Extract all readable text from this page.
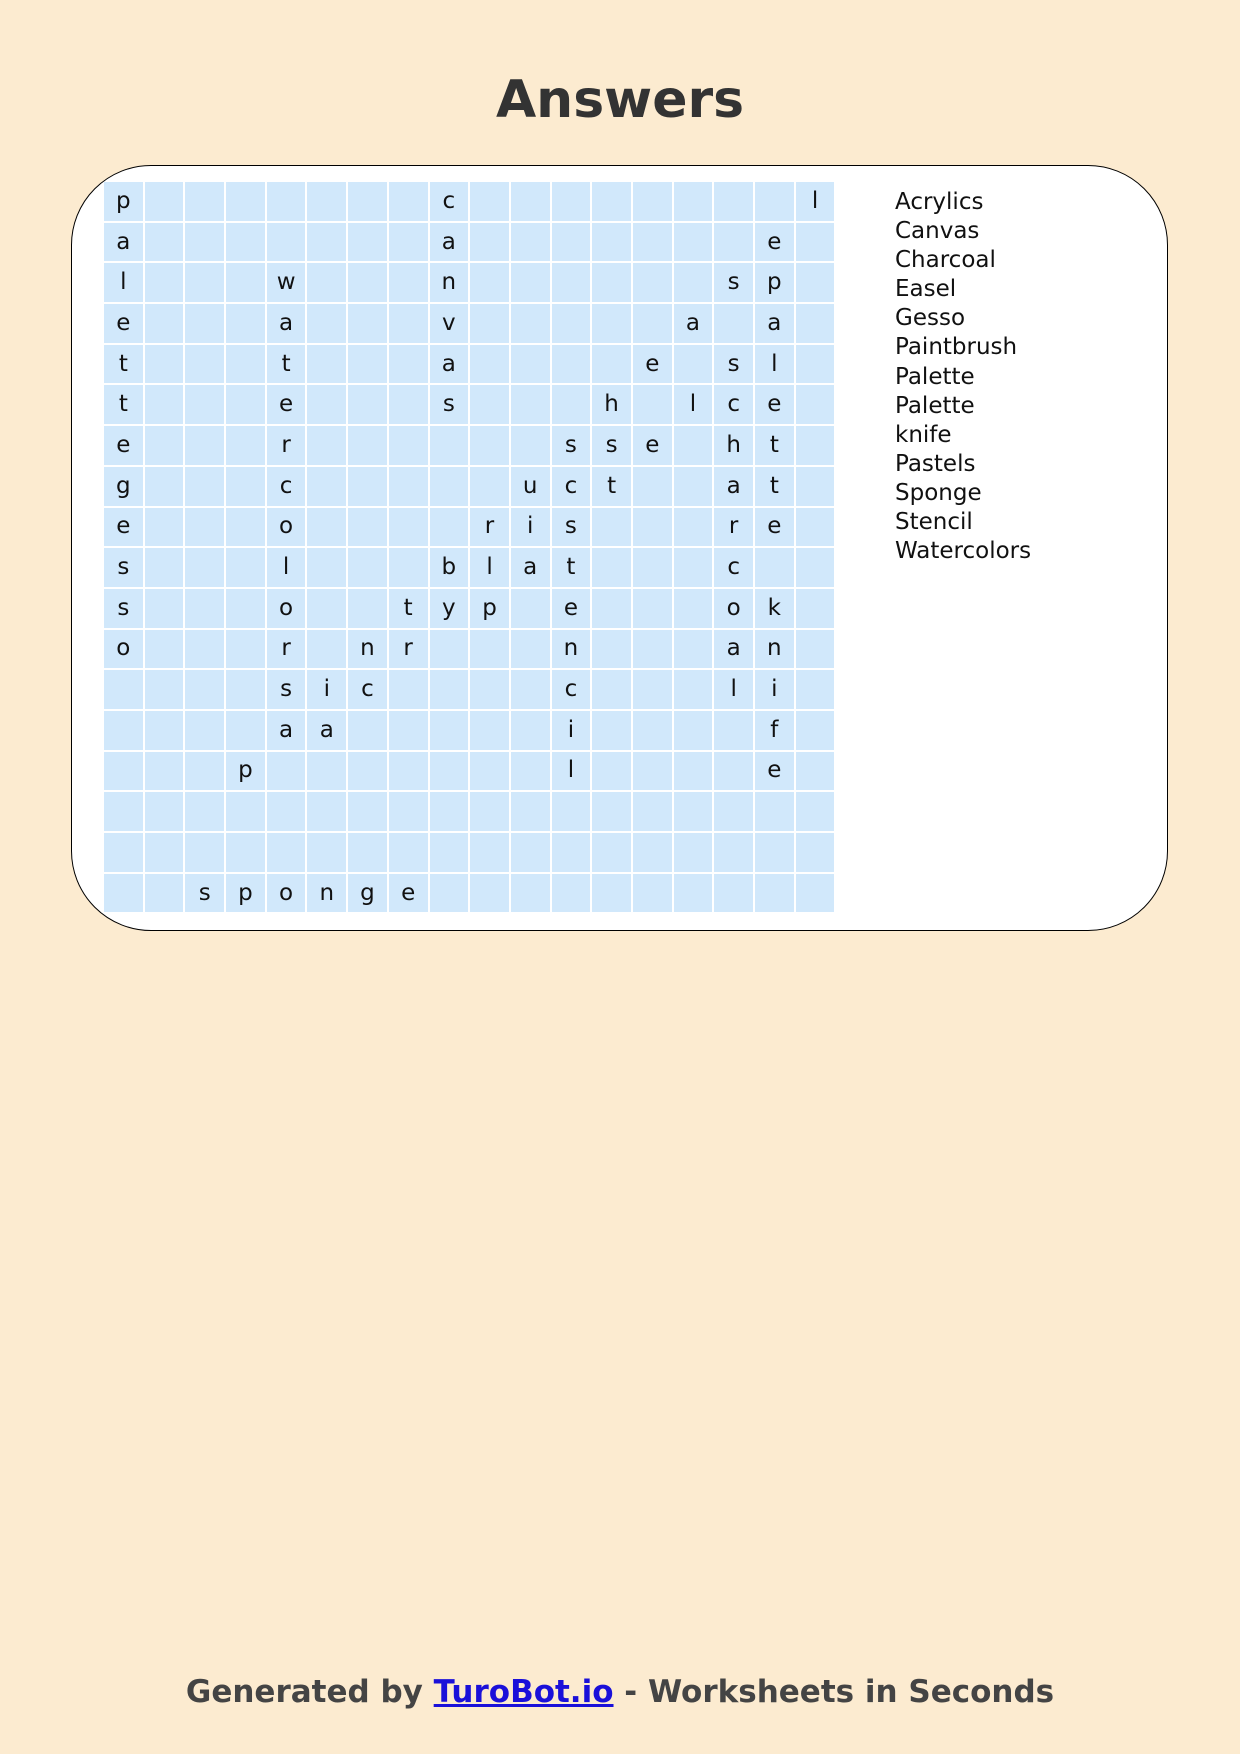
Answers
p	c	l
a	a	e
l	w	n	s	p
e	a	v	a	a
t	t	a	e	s	l
t	e	s	h	l	c	e
e	r	s	s	e	h	t
g	c	u	c	t	a	t
e	o	r	i	s	r	e
s	l	b	l	a	t	c
s	o	t	y	p	e	o	k
o	r	n	r	n	a	n
s	i	c	c	l	i
a	a	i	f
p	l	e
s	p	o	n	g	e
Acrylics
Canvas
Charcoal
Easel
Gesso
Paintbrush
Palette
Palette
knife
Pastels
Sponge
Stencil
Watercolors
Generated by TuroBot.io - Worksheets in Seconds
